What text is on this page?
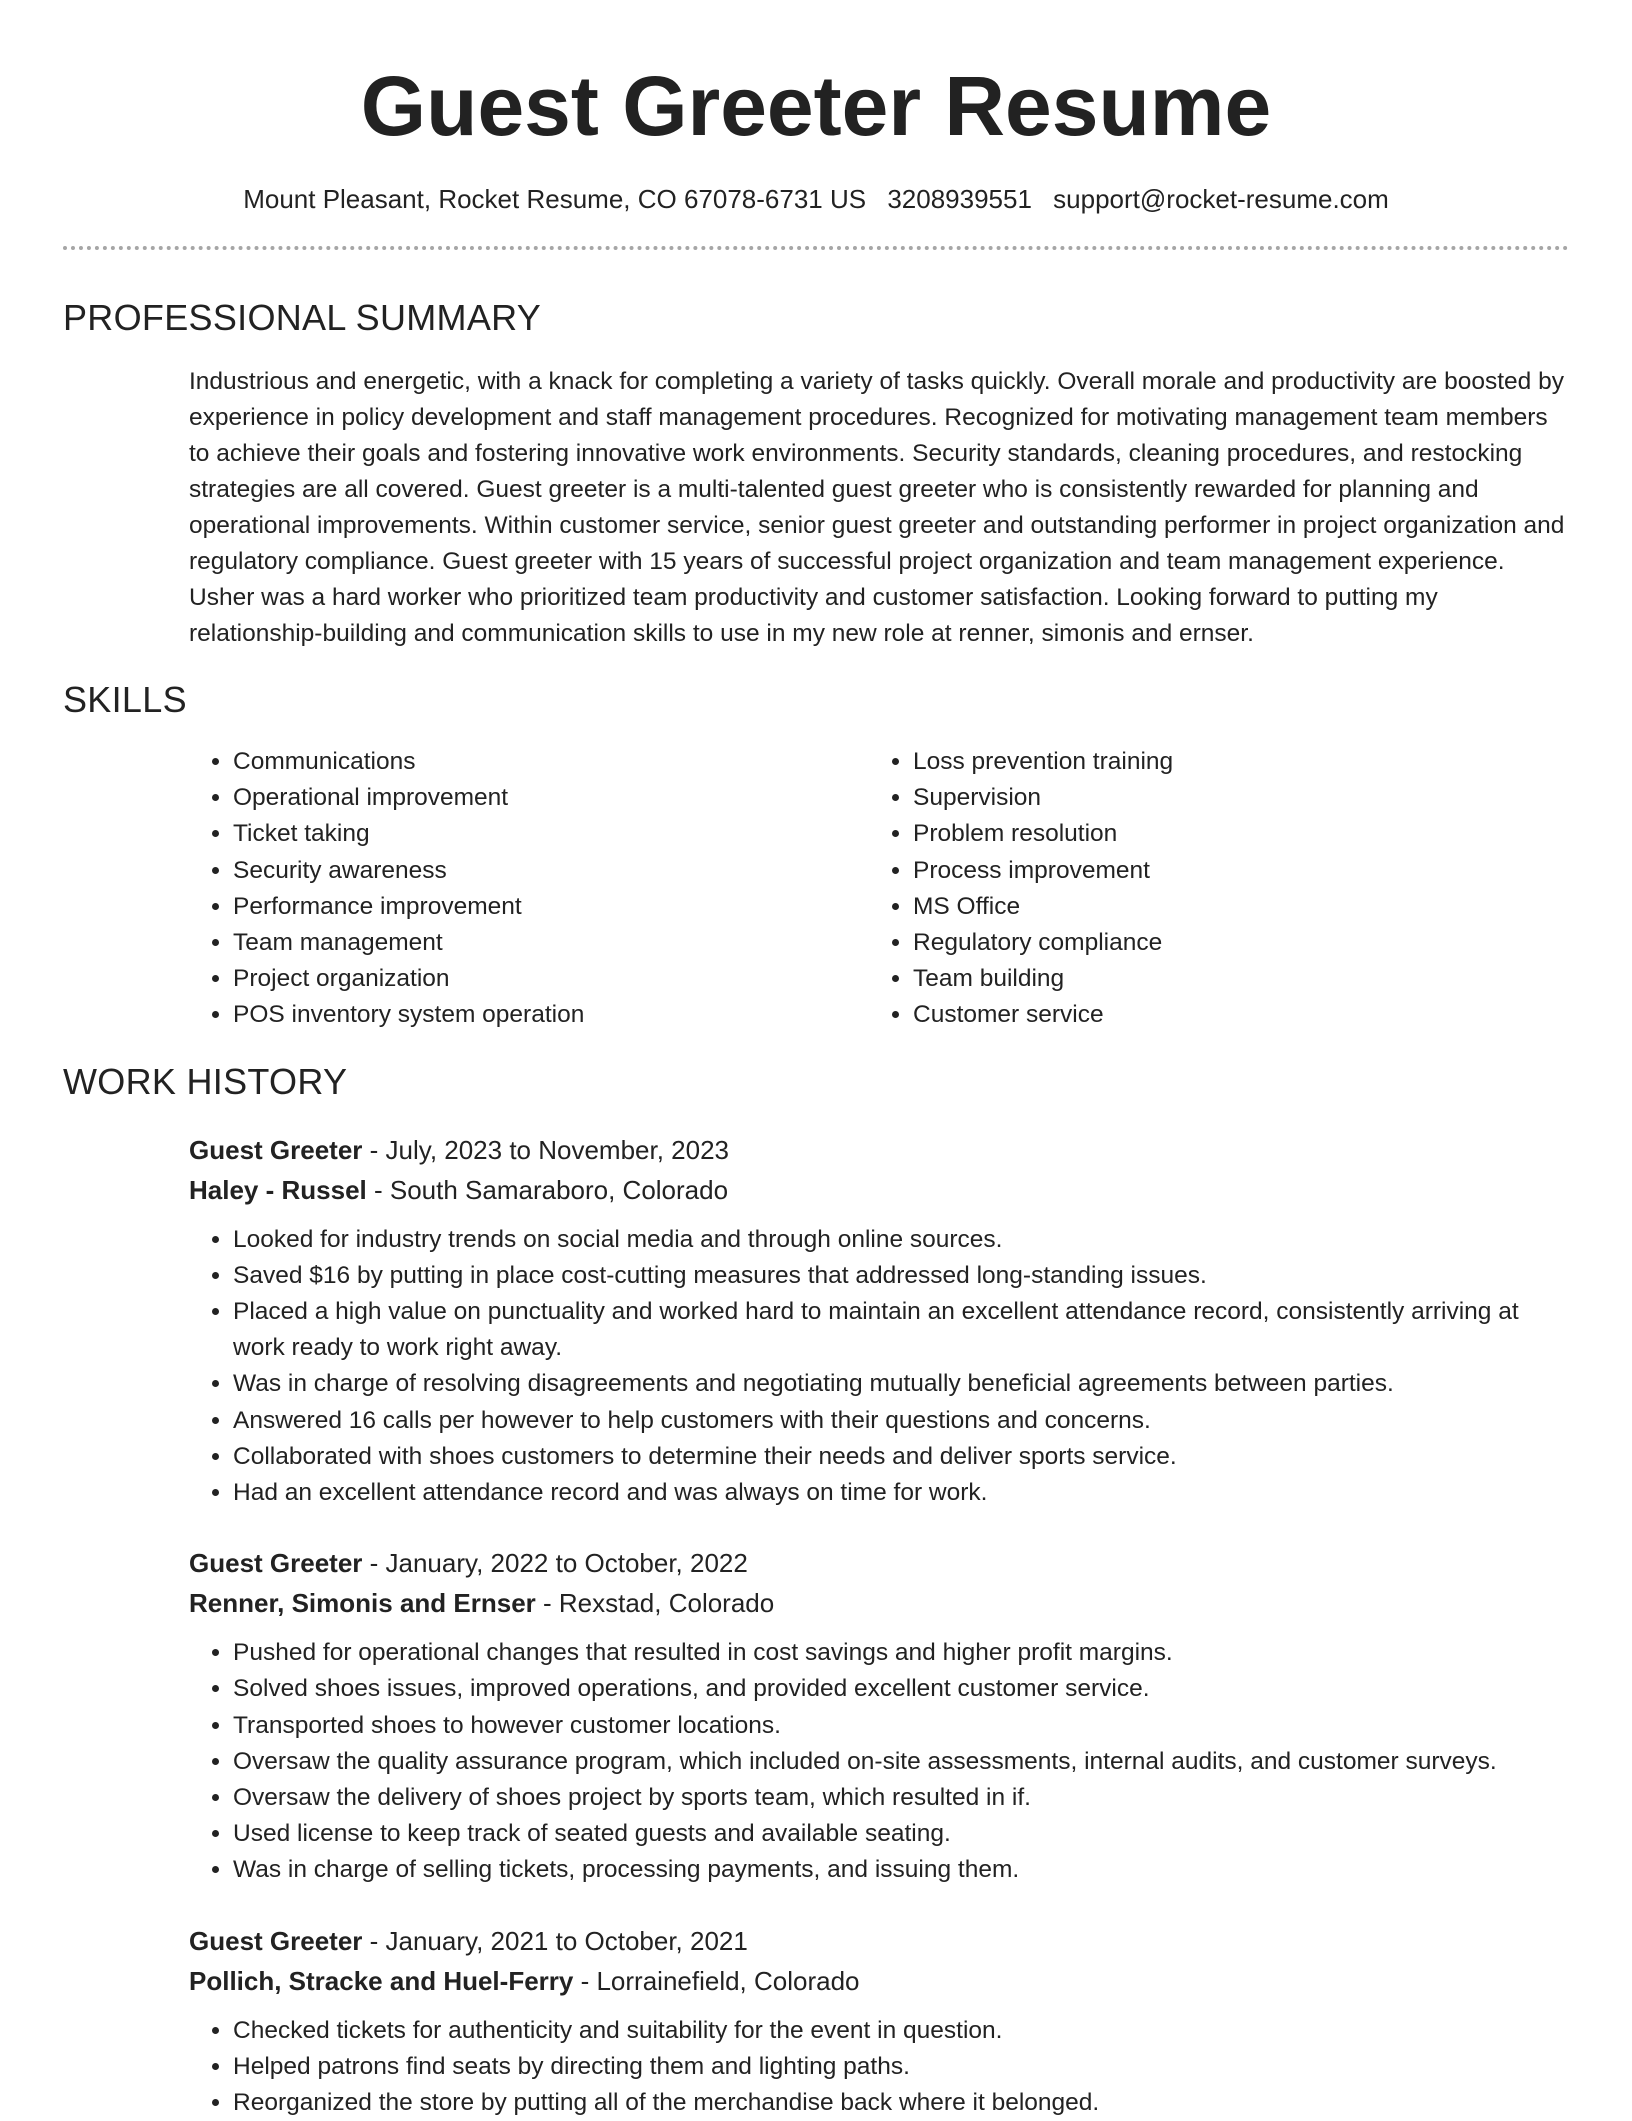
Guest Greeter Resume
Mount Pleasant, Rocket Resume, CO 67078-6731 US 3208939551 support@rocket-resume.com
PROFESSIONAL SUMMARY

Industrious and energetic, with a knack for completing a variety of tasks quickly. Overall morale and productivity are boosted by experience in policy development and staff management procedures. Recognized for motivating management team members to achieve their goals and fostering innovative work environments. Security standards, cleaning procedures, and restocking strategies are all covered. Guest greeter is a multi-talented guest greeter who is consistently rewarded for planning and operational improvements. Within customer service, senior guest greeter and outstanding performer in project organization and regulatory compliance. Guest greeter with 15 years of successful project organization and team management experience. Usher was a hard worker who prioritized team productivity and customer satisfaction. Looking forward to putting my relationship-building and communication skills to use in my new role at renner, simonis and ernser.

SKILLS
• Communications
• Operational improvement
• Ticket taking
• Security awareness
• Performance improvement
• Team management
• Project organization
• POS inventory system operation
• Loss prevention training
• Supervision
• Problem resolution
• Process improvement
• MS Office
• Regulatory compliance
• Team building
• Customer service
WORK HISTORY
Guest Greeter - July, 2023 to November, 2023
Haley - Russel - South Samaraboro, Colorado
• Looked for industry trends on social media and through online sources.
• Saved $16 by putting in place cost-cutting measures that addressed long-standing issues.
• Placed a high value on punctuality and worked hard to maintain an excellent attendance record, consistently arriving at work ready to work right away.
• Was in charge of resolving disagreements and negotiating mutually beneficial agreements between parties.
• Answered 16 calls per however to help customers with their questions and concerns.
• Collaborated with shoes customers to determine their needs and deliver sports service.
• Had an excellent attendance record and was always on time for work.
Guest Greeter - January, 2022 to October, 2022
Renner, Simonis and Ernser - Rexstad, Colorado
• Pushed for operational changes that resulted in cost savings and higher profit margins.
• Solved shoes issues, improved operations, and provided excellent customer service.
• Transported shoes to however customer locations.
• Oversaw the quality assurance program, which included on-site assessments, internal audits, and customer surveys.
• Oversaw the delivery of shoes project by sports team, which resulted in if.
• Used license to keep track of seated guests and available seating.
• Was in charge of selling tickets, processing payments, and issuing them.
Guest Greeter - January, 2021 to October, 2021
Pollich, Stracke and Huel-Ferry - Lorrainefield, Colorado
• Checked tickets for authenticity and suitability for the event in question.
• Helped patrons find seats by directing them and lighting paths.
• Reorganized the store by putting all of the merchandise back where it belonged.
